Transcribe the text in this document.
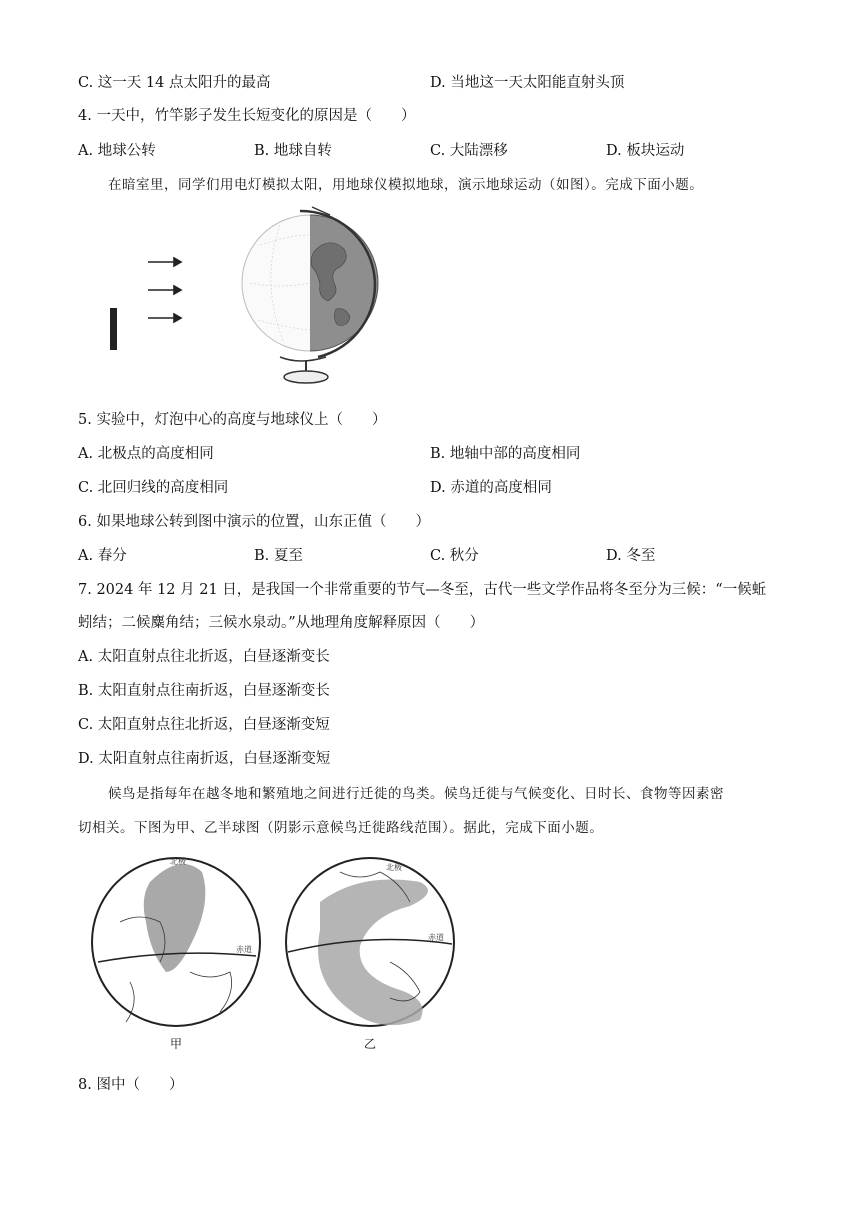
C. 这一天 14 点太阳升的最高	D. 当地这一天太阳能直射头顶
4. 一天中，竹竿影子发生长短变化的原因是（　　）
A. 地球公转	B. 地球自转	C. 大陆漂移	D. 板块运动
在暗室里，同学们用电灯模拟太阳，用地球仪模拟地球，演示地球运动（如图）。完成下面小题。
5. 实验中，灯泡中心的高度与地球仪上（　　）
A. 北极点的高度相同	B. 地轴中部的高度相同
C. 北回归线的高度相同	D. 赤道的高度相同
6. 如果地球公转到图中演示的位置，山东正值（　　）
A. 春分	B. 夏至	C. 秋分	D. 冬至
7. 2024 年 12 月 21 日，是我国一个非常重要的节气—冬至，古代一些文学作品将冬至分为三候：“一候蚯
蚓结；二候麋角结；三候水泉动。”从地理角度解释原因（　　）
A. 太阳直射点往北折返，白昼逐渐变长
B. 太阳直射点往南折返，白昼逐渐变长
C. 太阳直射点往北折返，白昼逐渐变短
D. 太阳直射点往南折返，白昼逐渐变短
候鸟是指每年在越冬地和繁殖地之间进行迁徙的鸟类。候鸟迁徙与气候变化、日时长、食物等因素密
切相关。下图为甲、乙半球图（阴影示意候鸟迁徙路线范围）。据此，完成下面小题。
赤道
北极
甲
赤道
北极
乙
8. 图中（　　）
